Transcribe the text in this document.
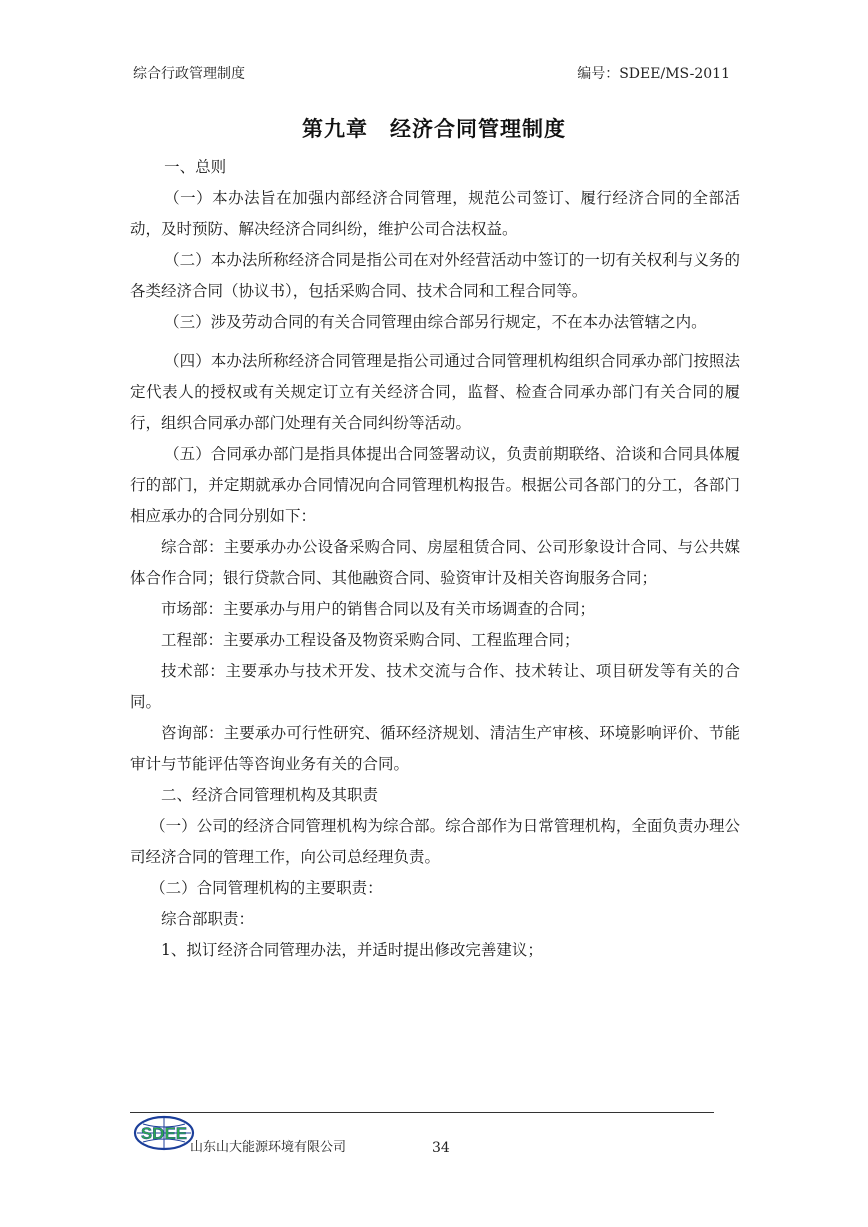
综合行政管理制度	编号：SDEE/MS-2011
第九章　经济合同管理制度

一、总则

（一）本办法旨在加强内部经济合同管理，规范公司签订、履行经济合同的全部活动，及时预防、解决经济合同纠纷，维护公司合法权益。

（二）本办法所称经济合同是指公司在对外经营活动中签订的一切有关权利与义务的各类经济合同（协议书），包括采购合同、技术合同和工程合同等。

（三）涉及劳动合同的有关合同管理由综合部另行规定，不在本办法管辖之内。

（四）本办法所称经济合同管理是指公司通过合同管理机构组织合同承办部门按照法定代表人的授权或有关规定订立有关经济合同，监督、检查合同承办部门有关合同的履行，组织合同承办部门处理有关合同纠纷等活动。

（五）合同承办部门是指具体提出合同签署动议，负责前期联络、洽谈和合同具体履行的部门，并定期就承办合同情况向合同管理机构报告。根据公司各部门的分工，各部门相应承办的合同分别如下：

综合部：主要承办办公设备采购合同、房屋租赁合同、公司形象设计合同、与公共媒体合作合同；银行贷款合同、其他融资合同、验资审计及相关咨询服务合同；

市场部：主要承办与用户的销售合同以及有关市场调查的合同；

工程部：主要承办工程设备及物资采购合同、工程监理合同；

技术部：主要承办与技术开发、技术交流与合作、技术转让、项目研发等有关的合同。

咨询部：主要承办可行性研究、循环经济规划、清洁生产审核、环境影响评价、节能审计与节能评估等咨询业务有关的合同。

二、经济合同管理机构及其职责

（一）公司的经济合同管理机构为综合部。综合部作为日常管理机构，全面负责办理公司经济合同的管理工作，向公司总经理负责。

（二）合同管理机构的主要职责：

综合部职责：

1、拟订经济合同管理办法，并适时提出修改完善建议；

SDEE
山东山大能源环境有限公司	34
